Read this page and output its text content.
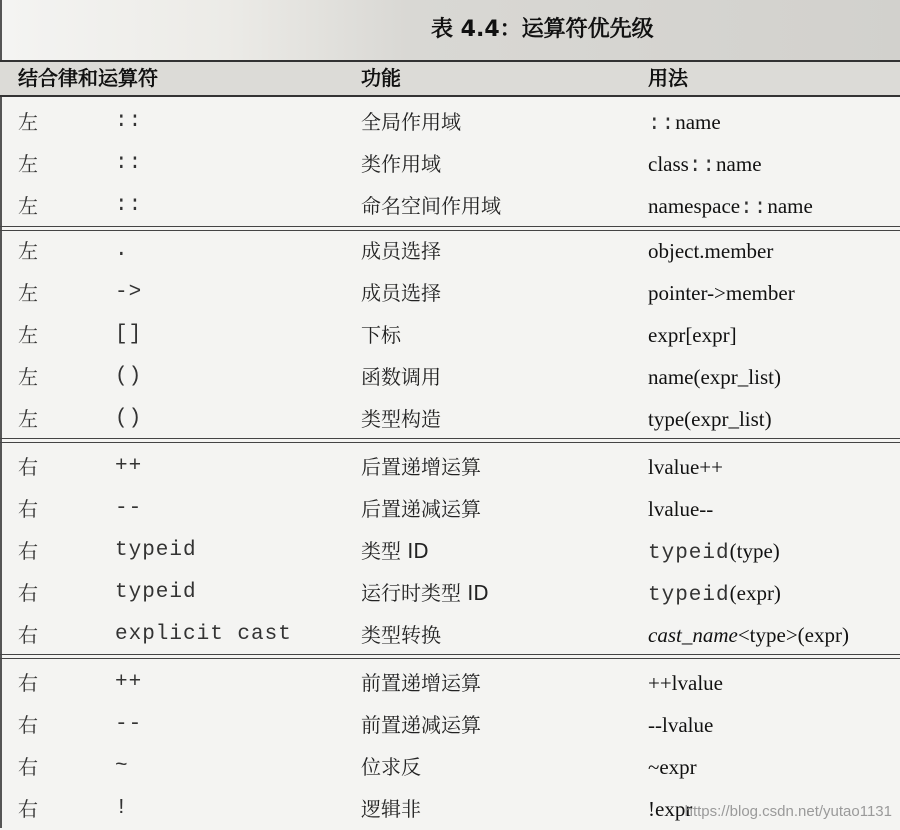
表 4.4：运算符优先级
结合律和运算符	功能	用法
左	::	全局作用域	::name
左	::	类作用域	class::name
左	::	命名空间作用域	namespace::name
左	.	成员选择	object.member
左	->	成员选择	pointer->member
左	[]	下标	expr[expr]
左	()	函数调用	name(expr_list)
左	()	类型构造	type(expr_list)
右	++	后置递增运算	lvalue++
右	--	后置递减运算	lvalue--
右	typeid	类型 ID	typeid(type)
右	typeid	运行时类型 ID	typeid(expr)
右	explicit cast	类型转换	cast_name<type>(expr)
右	++	前置递增运算	++lvalue
右	--	前置递减运算	--lvalue
右	~	位求反	~expr
右	!	逻辑非	!expr
https://blog.csdn.net/yutao1131
